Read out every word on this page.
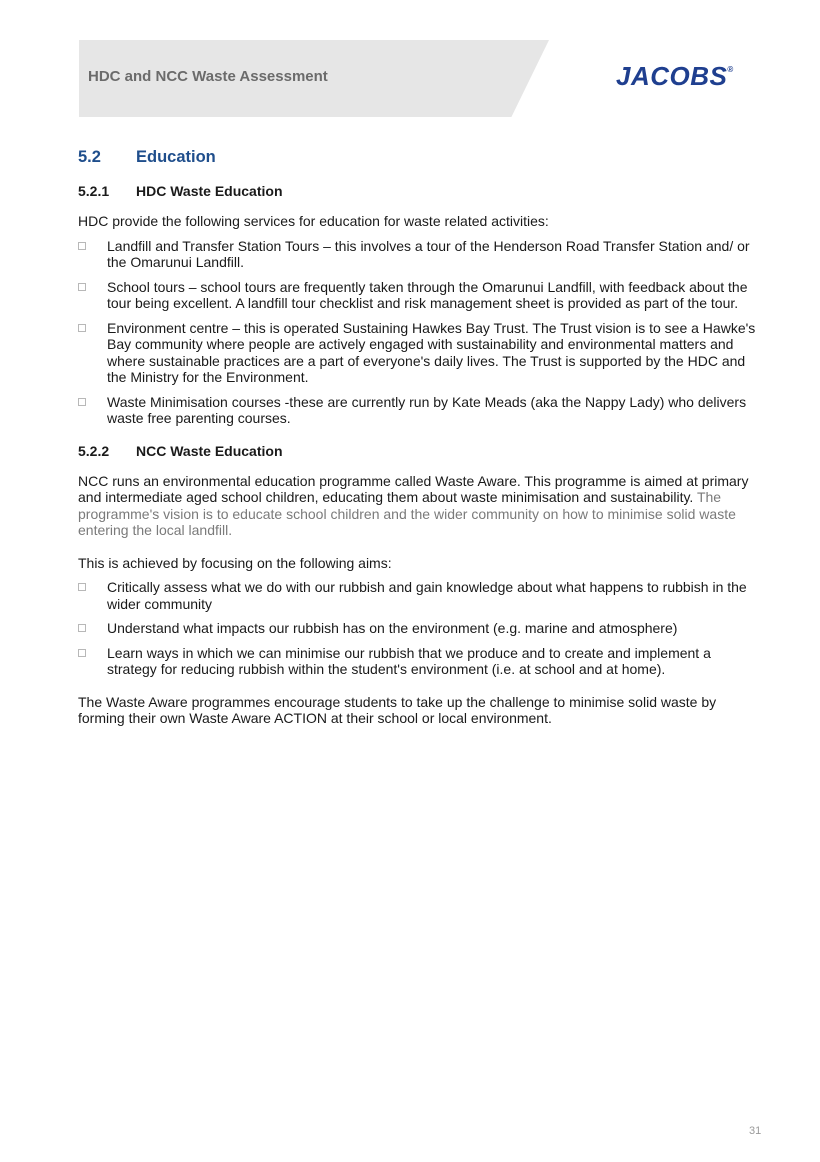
HDC and NCC Waste Assessment	JACOBS®
5.2	Education
5.2.1	HDC Waste Education

HDC provide the following services for education for waste related activities:

Landfill and Transfer Station Tours – this involves a tour of the Henderson Road Transfer Station and/ or the Omarunui Landfill.
School tours – school tours are frequently taken through the Omarunui Landfill, with feedback about the tour being excellent. A landfill tour checklist and risk management sheet is provided as part of the tour.
Environment centre – this is operated Sustaining Hawkes Bay Trust. The Trust vision is to see a Hawke's Bay community where people are actively engaged with sustainability and environmental matters and where sustainable practices are a part of everyone's daily lives. The Trust is supported by the HDC and the Ministry for the Environment.
Waste Minimisation courses -these are currently run by Kate Meads (aka the Nappy Lady) who delivers waste free parenting courses.
5.2.2	NCC Waste Education

NCC runs an environmental education programme called Waste Aware. This programme is aimed at primary and intermediate aged school children, educating them about waste minimisation and sustainability. The programme's vision is to educate school children and the wider community on how to minimise solid waste entering the local landfill.

This is achieved by focusing on the following aims:

Critically assess what we do with our rubbish and gain knowledge about what happens to rubbish in the wider community
Understand what impacts our rubbish has on the environment (e.g. marine and atmosphere)
Learn ways in which we can minimise our rubbish that we produce and to create and implement a strategy for reducing rubbish within the student's environment (i.e. at school and at home).

The Waste Aware programmes encourage students to take up the challenge to minimise solid waste by forming their own Waste Aware ACTION at their school or local environment.

31
